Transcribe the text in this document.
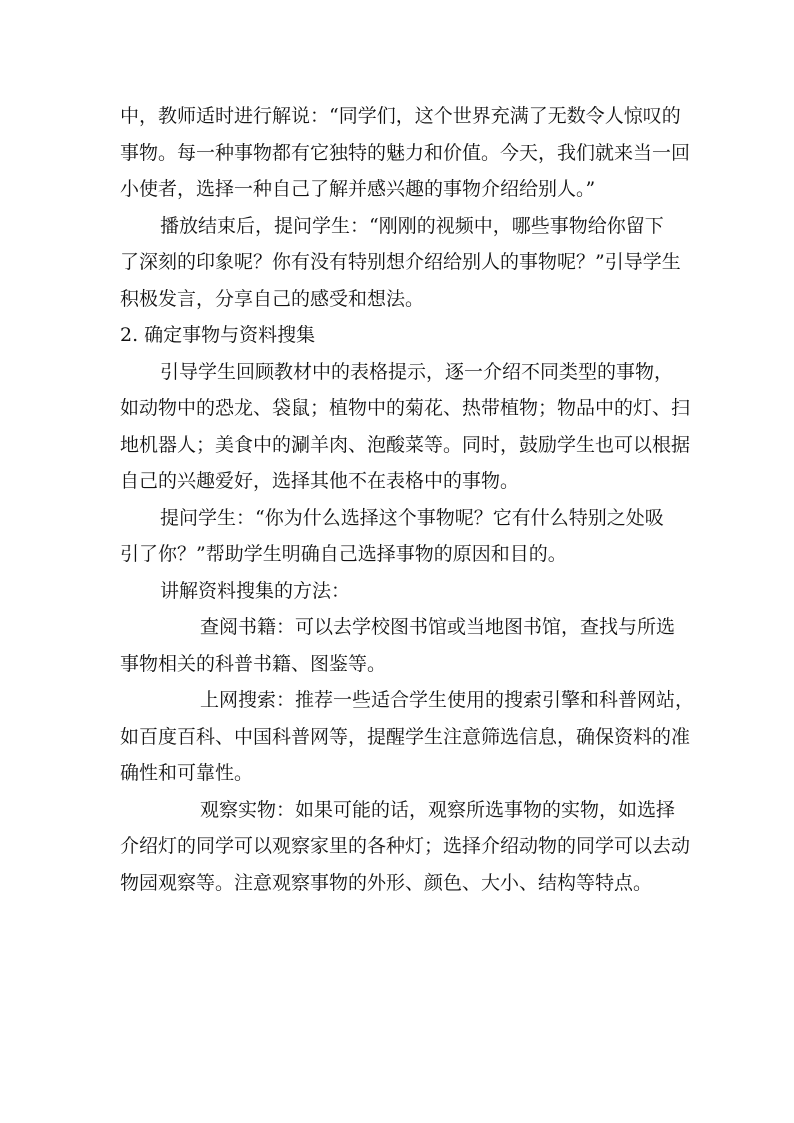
中，教师适时进行解说：“同学们，这个世界充满了无数令人惊叹的
事物。每一种事物都有它独特的魅力和价值。今天，我们就来当一回
小使者，选择一种自己了解并感兴趣的事物介绍给别人。”
播放结束后，提问学生：“刚刚的视频中，哪些事物给你留下
了深刻的印象呢？你有没有特别想介绍给别人的事物呢？”引导学生
积极发言，分享自己的感受和想法。
2. 确定事物与资料搜集
引导学生回顾教材中的表格提示，逐一介绍不同类型的事物，
如动物中的恐龙、袋鼠；植物中的菊花、热带植物；物品中的灯、扫
地机器人；美食中的涮羊肉、泡酸菜等。同时，鼓励学生也可以根据
自己的兴趣爱好，选择其他不在表格中的事物。
提问学生：“你为什么选择这个事物呢？它有什么特别之处吸
引了你？”帮助学生明确自己选择事物的原因和目的。
讲解资料搜集的方法：
查阅书籍：可以去学校图书馆或当地图书馆，查找与所选
事物相关的科普书籍、图鉴等。
上网搜索：推荐一些适合学生使用的搜索引擎和科普网站，
如百度百科、中国科普网等，提醒学生注意筛选信息，确保资料的准
确性和可靠性。
观察实物：如果可能的话，观察所选事物的实物，如选择
介绍灯的同学可以观察家里的各种灯；选择介绍动物的同学可以去动
物园观察等。注意观察事物的外形、颜色、大小、结构等特点。
